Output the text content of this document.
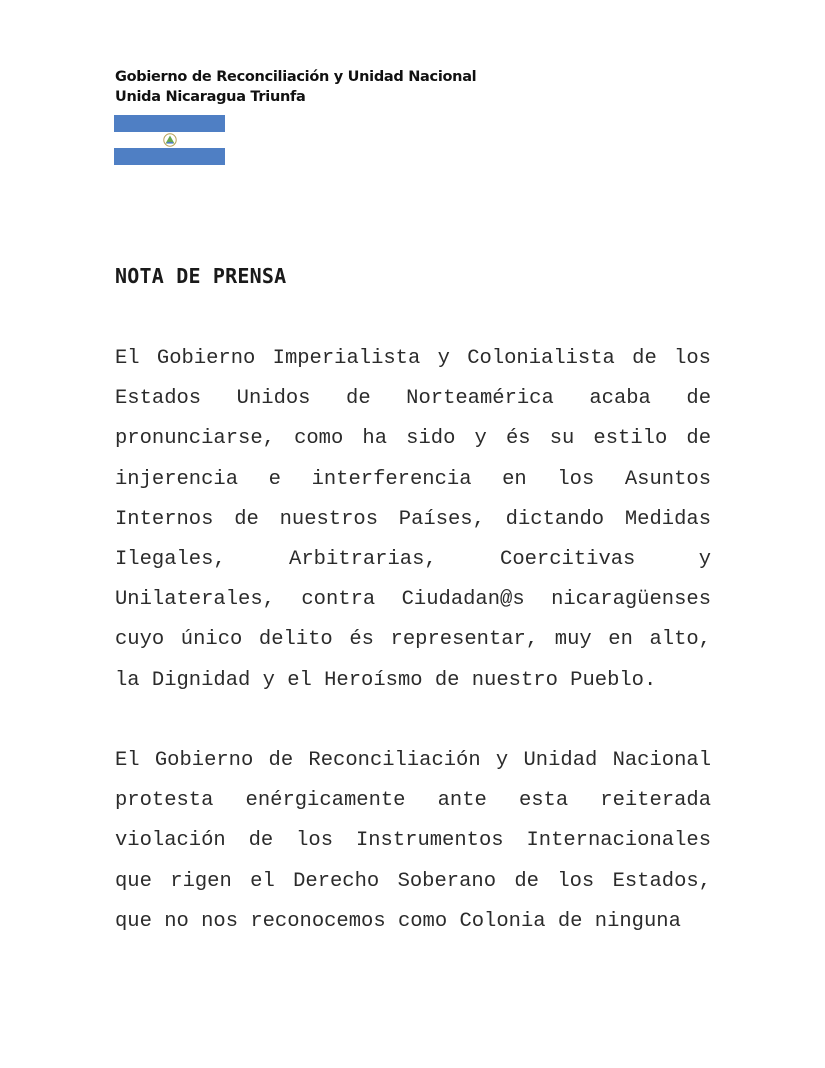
Gobierno de Reconciliación y Unidad Nacional
Unida Nicaragua Triunfa
NOTA DE PRENSA

El Gobierno Imperialista y Colonialista de los Estados Unidos de Norteamérica acaba de pronunciarse, como ha sido y és su estilo de injerencia e interferencia en los Asuntos Internos de nuestros Países, dictando Medidas Ilegales, Arbitrarias, Coercitivas y Unilaterales, contra Ciudadan@s nicaragüenses cuyo único delito és representar, muy en alto, la Dignidad y el Heroísmo de nuestro Pueblo.

El Gobierno de Reconciliación y Unidad Nacional protesta enérgicamente ante esta reiterada violación de los Instrumentos Internacionales que rigen el Derecho Soberano de los Estados, que no nos reconocemos como Colonia de ninguna
